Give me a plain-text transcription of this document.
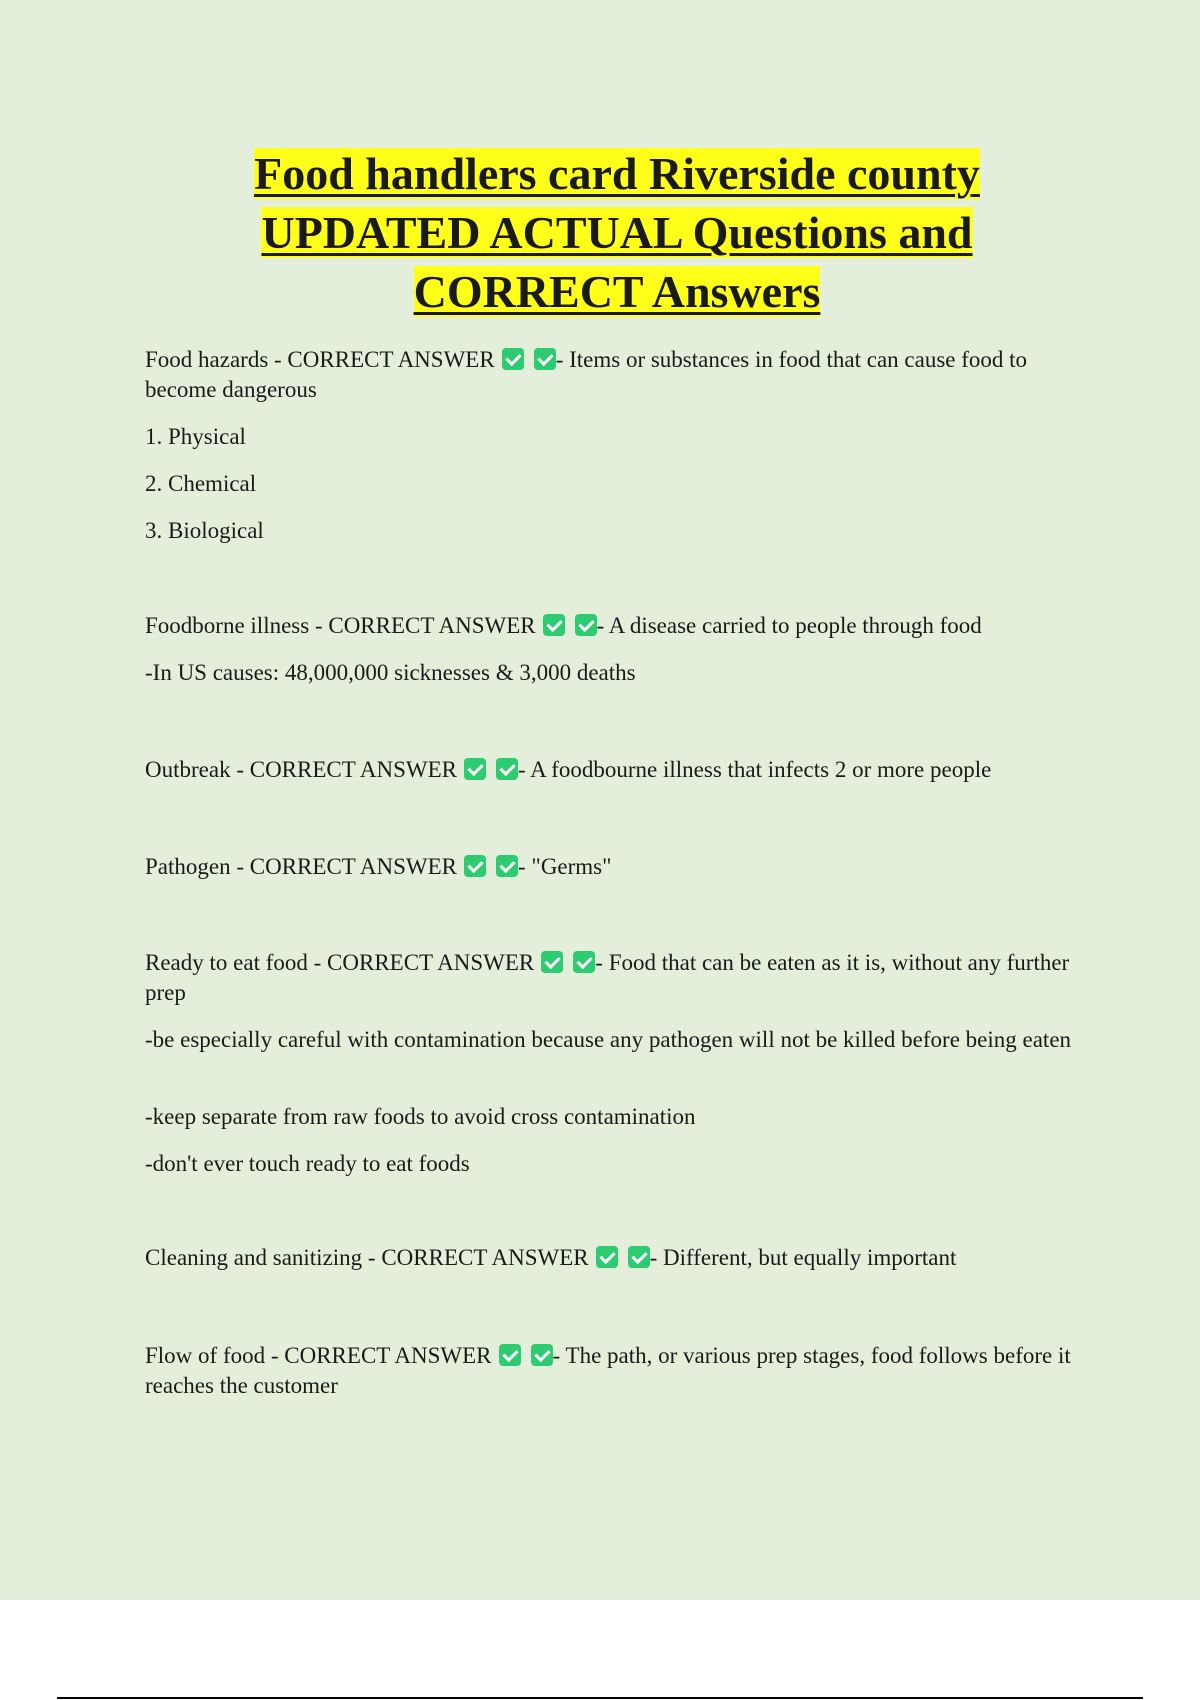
Food handlers card Riverside county
UPDATED ACTUAL Questions and
CORRECT Answers

Food hazards - CORRECT ANSWER	- Items or substances in food that can cause food to become dangerous

1. Physical

2. Chemical

3. Biological

Foodborne illness - CORRECT ANSWER	- A disease carried to people through food

-In US causes: 48,000,000 sicknesses & 3,000 deaths

Outbreak - CORRECT ANSWER	- A foodbourne illness that infects 2 or more people

Pathogen - CORRECT ANSWER	- "Germs"

Ready to eat food - CORRECT ANSWER	- Food that can be eaten as it is, without any further prep

-be especially careful with contamination because any pathogen will not be killed before being eaten

-keep separate from raw foods to avoid cross contamination

-don't ever touch ready to eat foods

Cleaning and sanitizing - CORRECT ANSWER	- Different, but equally important

Flow of food - CORRECT ANSWER	- The path, or various prep stages, food follows before it reaches the customer
